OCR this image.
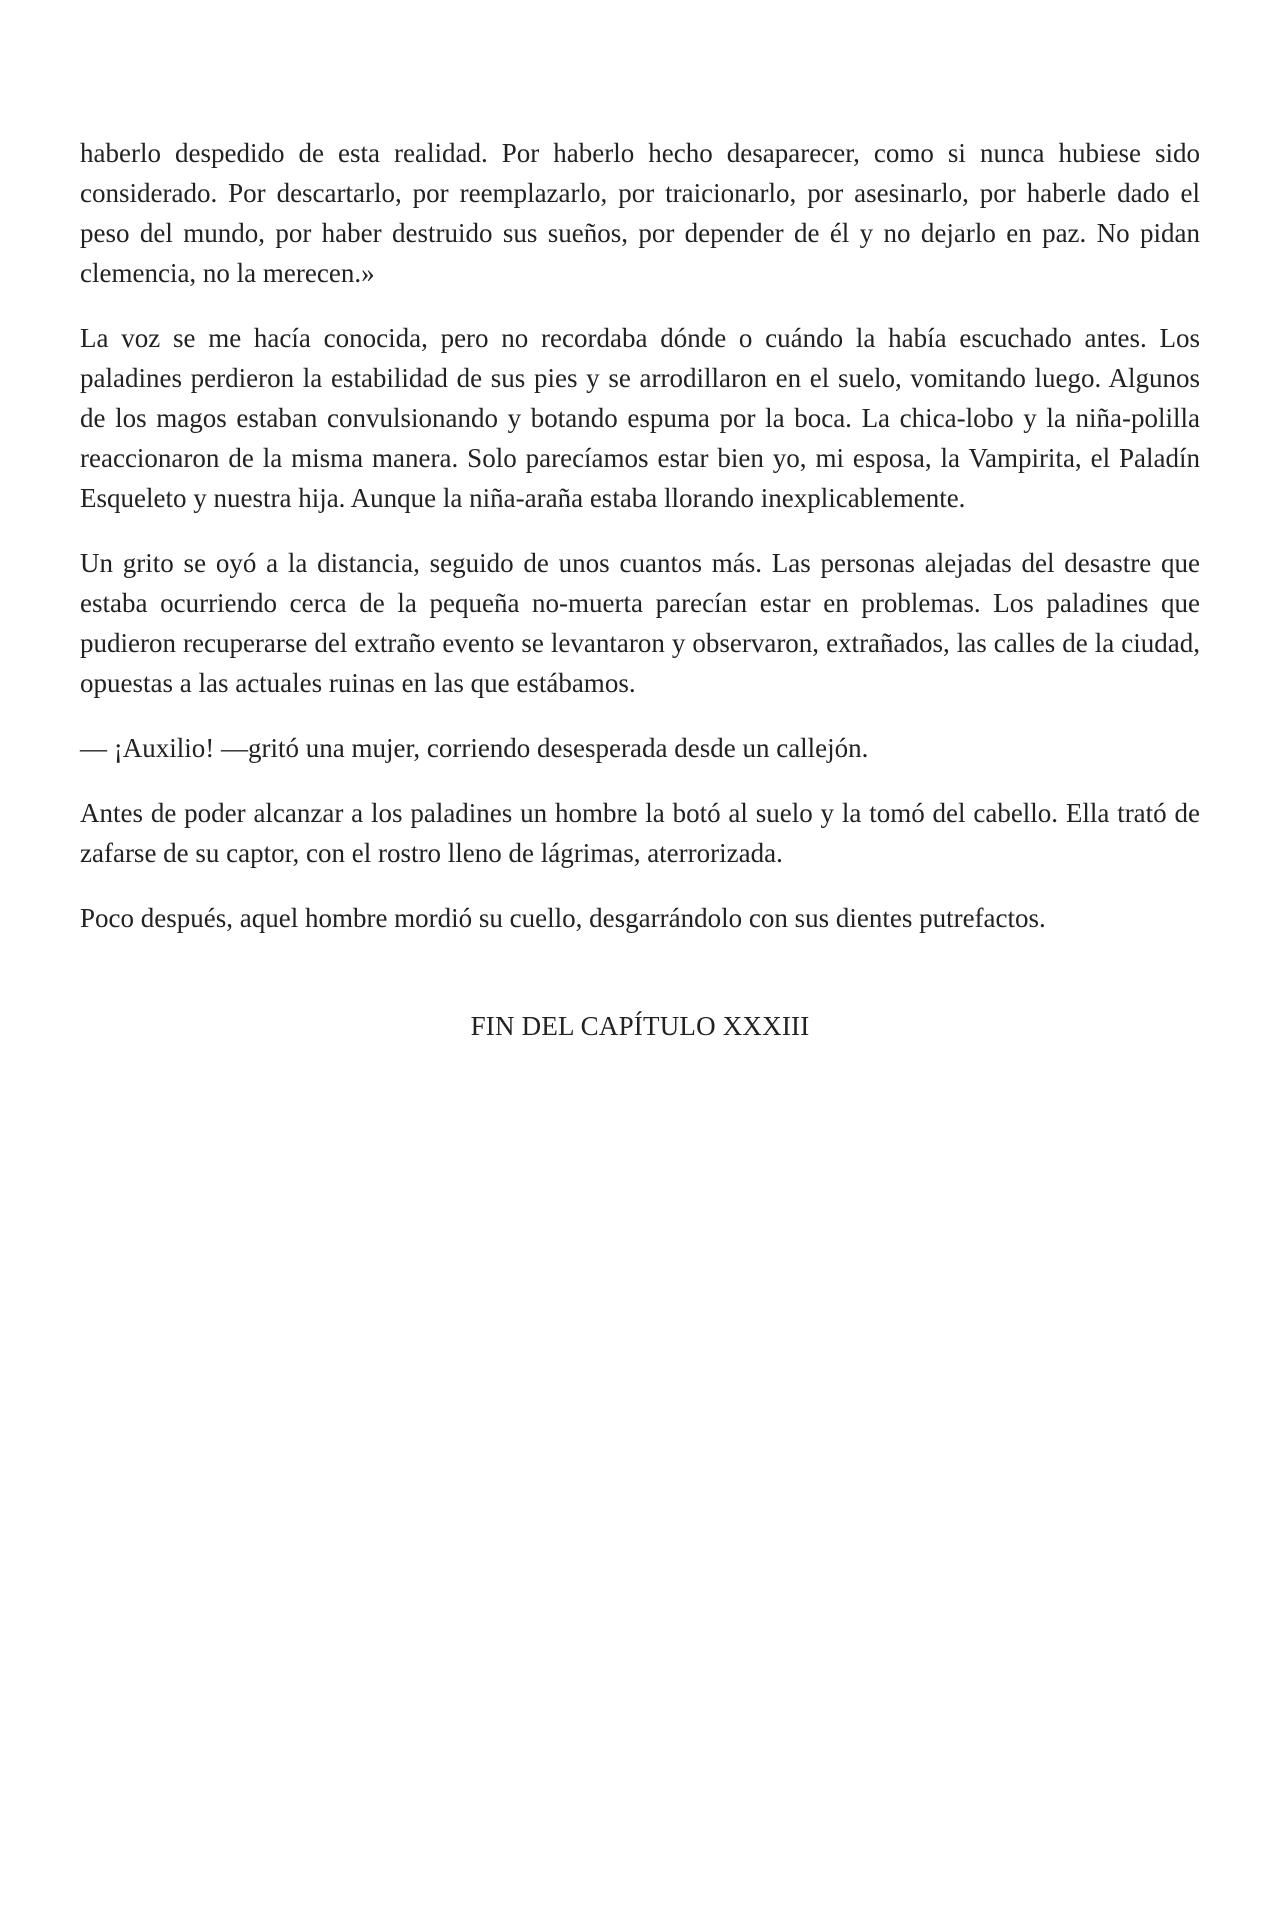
haberlo despedido de esta realidad. Por haberlo hecho desaparecer, como si nunca hubiese sido considerado. Por descartarlo, por reemplazarlo, por traicionarlo, por asesinarlo, por haberle dado el peso del mundo, por haber destruido sus sueños, por depender de él y no dejarlo en paz. No pidan clemencia, no la merecen.»

La voz se me hacía conocida, pero no recordaba dónde o cuándo la había escuchado antes. Los paladines perdieron la estabilidad de sus pies y se arrodillaron en el suelo, vomitando luego. Algunos de los magos estaban convulsionando y botando espuma por la boca. La chica-lobo y la niña-polilla reaccionaron de la misma manera. Solo parecíamos estar bien yo, mi esposa, la Vampirita, el Paladín Esqueleto y nuestra hija. Aunque la niña-araña estaba llorando inexplicablemente.

Un grito se oyó a la distancia, seguido de unos cuantos más. Las personas alejadas del desastre que estaba ocurriendo cerca de la pequeña no-muerta parecían estar en problemas. Los paladines que pudieron recuperarse del extraño evento se levantaron y observaron, extrañados, las calles de la ciudad, opuestas a las actuales ruinas en las que estábamos.

— ¡Auxilio! —gritó una mujer, corriendo desesperada desde un callejón.

Antes de poder alcanzar a los paladines un hombre la botó al suelo y la tomó del cabello. Ella trató de zafarse de su captor, con el rostro lleno de lágrimas, aterrorizada.

Poco después, aquel hombre mordió su cuello, desgarrándolo con sus dientes putrefactos.

FIN DEL CAPÍTULO XXXIII
